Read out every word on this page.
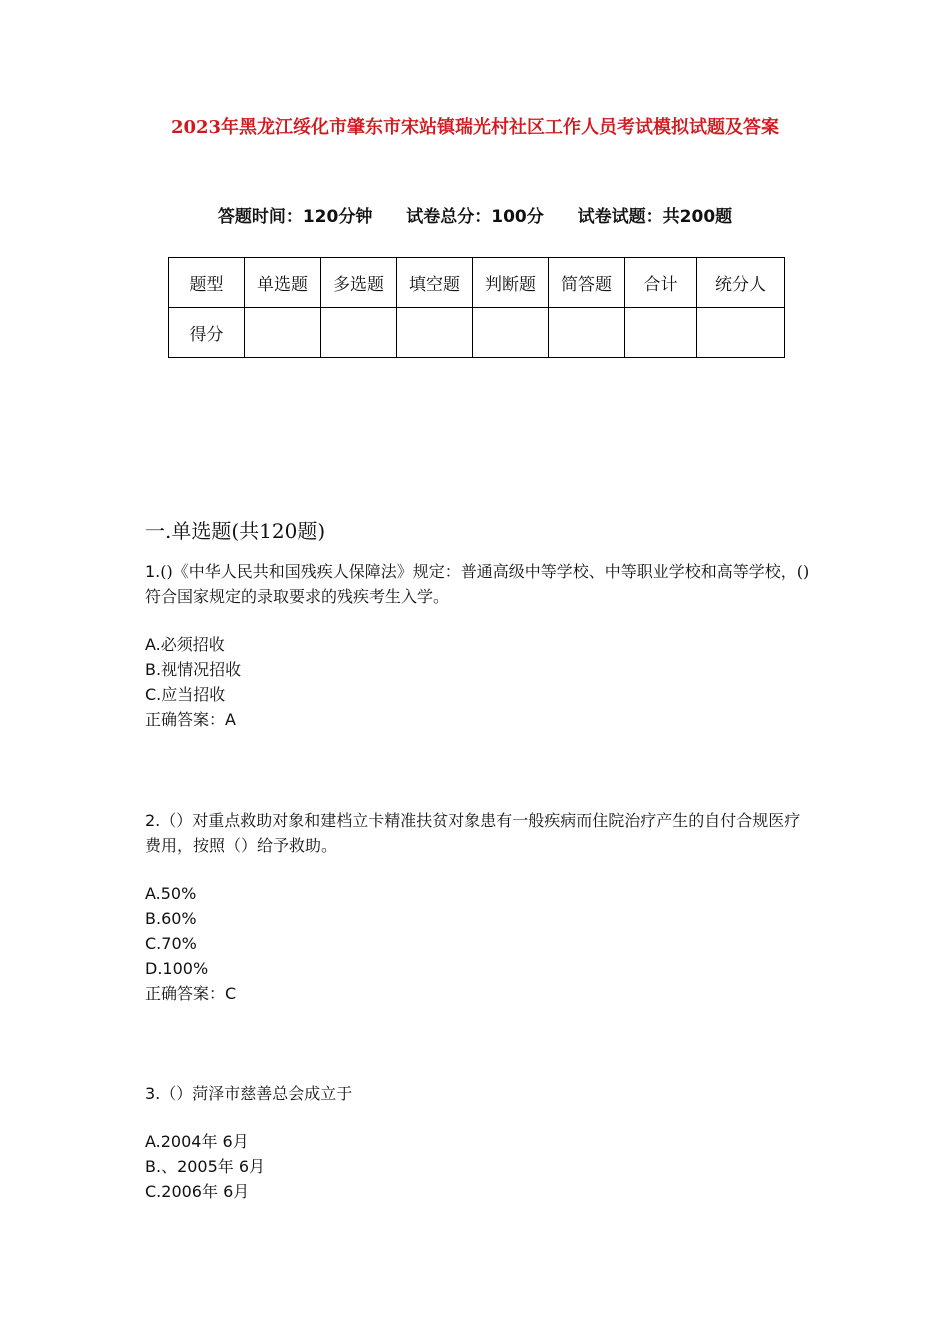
2023年黑龙江绥化市肇东市宋站镇瑞光村社区工作人员考试模拟试题及答案
答题时间：120分钟 试卷总分：100分 试卷试题：共200题
题型	单选题	多选题	填空题	判断题	简答题	合计	统分人
得分							
一.单选题(共120题)
1.()《中华人民共和国残疾人保障法》规定：普通高级中等学校、中等职业学校和高等学校，()符合国家规定的录取要求的残疾考生入学。
A.必须招收
B.视情况招收
C.应当招收
正确答案：A
2.（）对重点救助对象和建档立卡精准扶贫对象患有一般疾病而住院治疗产生的自付合规医疗费用，按照（）给予救助。
A.50%
B.60%
C.70%
D.100%
正确答案：C
3.（）菏泽市慈善总会成立于
A.2004年 6月
B.、2005年 6月
C.2006年 6月
